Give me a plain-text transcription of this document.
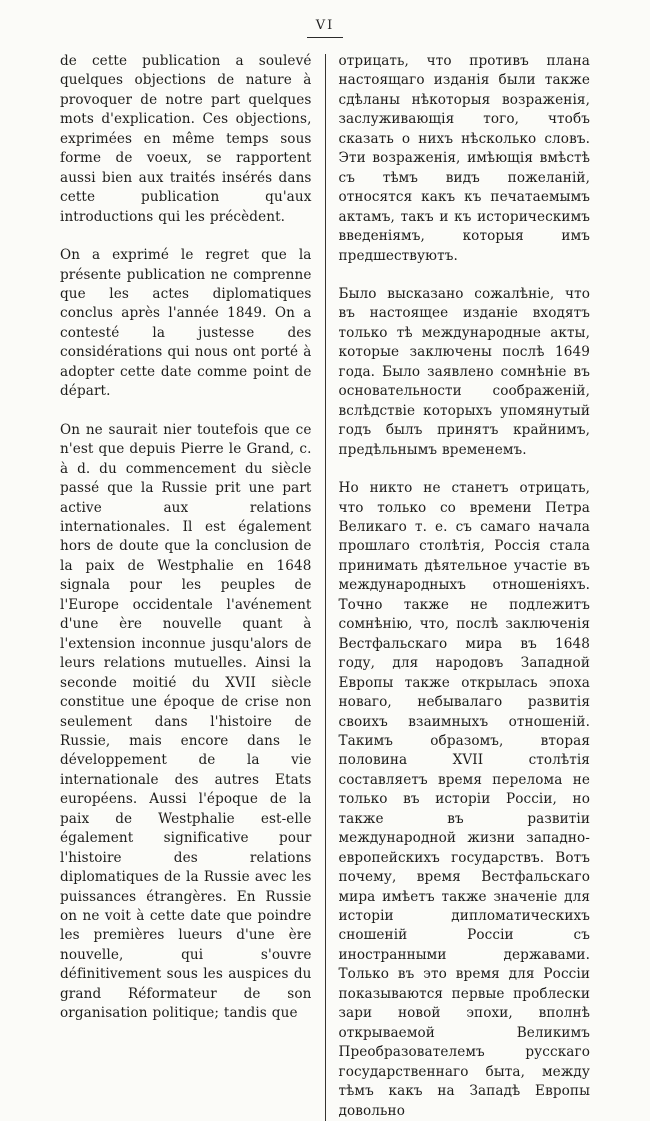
VI

de cette publication a soulevé quelques objections de nature à provoquer de notre part quelques mots d'explication. Ces objections, exprimées en même temps sous forme de voeux, se rapportent aussi bien aux traités insérés dans cette publication qu'aux introductions qui les précèdent.

On a exprimé le regret que la présente publication ne comprenne que les actes diplomatiques conclus après l'année 1849. On a contesté la justesse des considérations qui nous ont porté à adopter cette date comme point de départ.

On ne saurait nier toutefois que ce n'est que depuis Pierre le Grand, c. à d. du commencement du siècle passé que la Russie prit une part active aux relations internationales. Il est également hors de doute que la conclusion de la paix de Westphalie en 1648 signala pour les peuples de l'Europe occidentale l'avénement d'une ère nouvelle quant à l'extension inconnue jusqu'alors de leurs relations mutuelles. Ainsi la seconde moitié du XVII siècle constitue une époque de crise non seulement dans l'histoire de Russie, mais encore dans le développement de la vie internationale des autres Etats européens. Aussi l'époque de la paix de Westphalie est-elle également significative pour l'histoire des relations diplomatiques de la Russie avec les puissances étrangères. En Russie on ne voit à cette date que poindre les premières lueurs d'une ère nouvelle, qui s'ouvre définitivement sous les auspices du grand Réformateur de son organisation politique; tandis que

отрицать, что противъ плана настоящаго изданія были также сдѣланы нѣкоторыя возраженія, заслуживающія того, чтобъ сказать о нихъ нѣсколько словъ. Эти возраженія, имѣющія вмѣстѣ съ тѣмъ видъ пожеланій, относятся какъ къ печатаемымъ актамъ, такъ и къ историческимъ введеніямъ, которыя имъ предшествуютъ.

Было высказано сожалѣніе, что въ настоящее изданіе входятъ только тѣ международные акты, которые заключены послѣ 1649 года. Было заявлено сомнѣніе въ основательности соображеній, вслѣдствіе которыхъ упомянутый годъ былъ принятъ крайнимъ, предѣльнымъ временемъ.

Но никто не станетъ отрицать, что только со времени Петра Великаго т. е. съ самаго начала прошлаго столѣтія, Россія стала принимать дѣятельное участіе въ международныхъ отношеніяхъ. Точно также не подлежитъ сомнѣнію, что, послѣ заключенія Вестфальскаго мира въ 1648 году, для народовъ Западной Европы также открылась эпоха новаго, небывалаго развитія своихъ взаимныхъ отношеній. Такимъ образомъ, вторая половина XVII столѣтія составляетъ время перелома не только въ исторіи Россіи, но также въ развитіи международной жизни западно-европейскихъ государствъ. Вотъ почему, время Вестфальскаго мира имѣетъ также значеніе для исторіи дипломатическихъ сношеній Россіи съ иностранными державами. Только въ это время для Россіи показываются первые проблески зари новой эпохи, вполнѣ открываемой Великимъ Преобразователемъ русскаго государственнаго быта, между тѣмъ какъ на Западѣ Европы довольно
